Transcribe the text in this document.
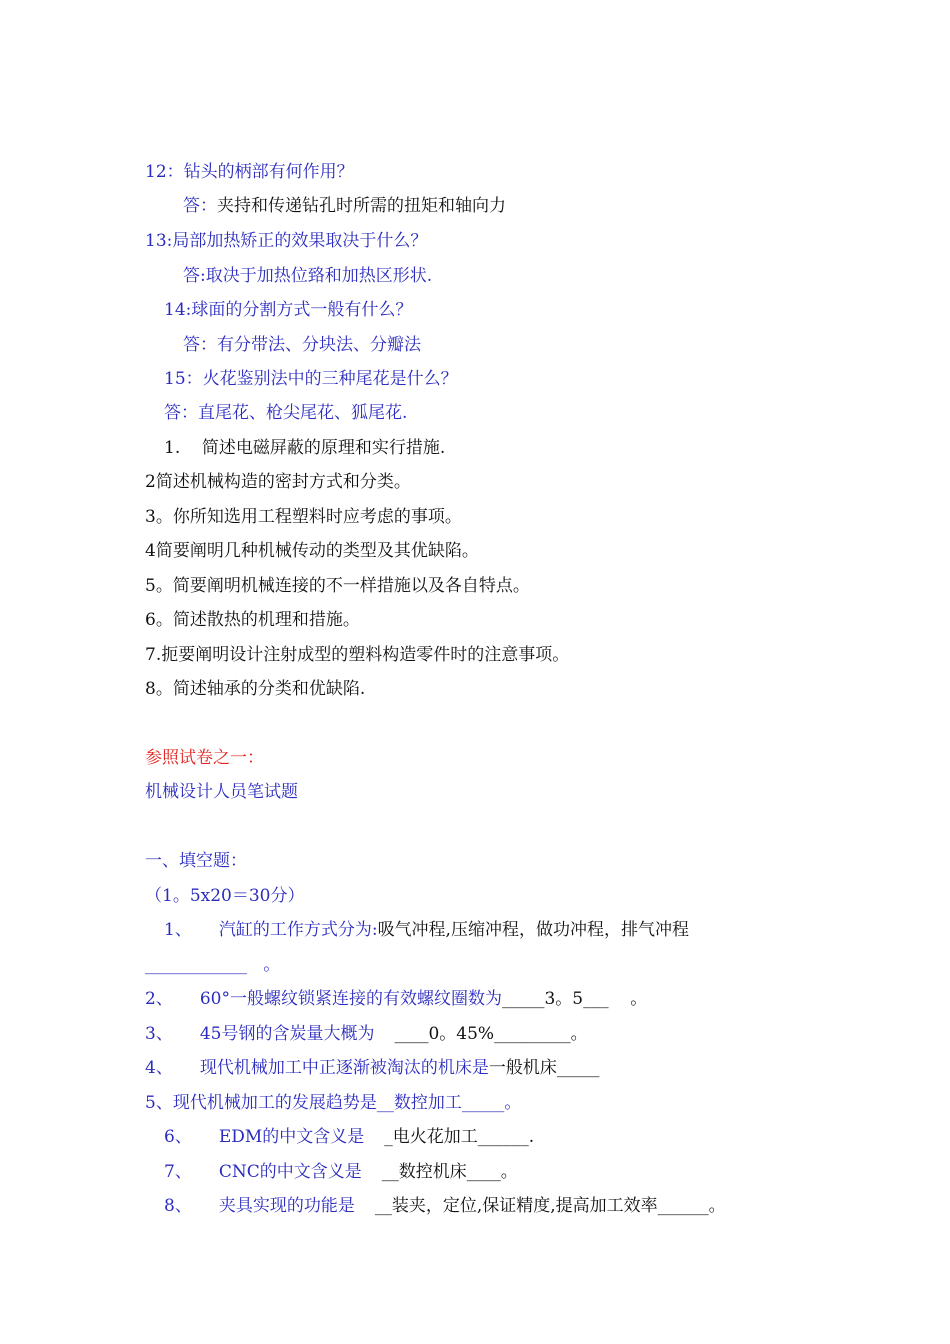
12：钻头的柄部有何作用？
答：夹持和传递钻孔时所需的扭矩和轴向力
13:局部加热矫正的效果取决于什么？
答:取决于加热位臵和加热区形状.
14:球面的分割方式一般有什么？
答：有分带法、分块法、分瓣法
15：火花鉴别法中的三种尾花是什么？
答：直尾花、枪尖尾花、狐尾花.
1.    简述电磁屏蔽的原理和实行措施.
2简述机械构造的密封方式和分类。
3。你所知选用工程塑料时应考虑的事项。
4简要阐明几种机械传动的类型及其优缺陷。
5。简要阐明机械连接的不一样措施以及各自特点。
6。简述散热的机理和措施。
7.扼要阐明设计注射成型的塑料构造零件时的注意事项。
8。简述轴承的分类和优缺陷.
参照试卷之一：
机械设计人员笔试题
一、填空题：
（1。5x20＝30分）
1、 汽缸的工作方式分为:吸气冲程,压缩冲程，做功冲程，排气冲程
____________   。
2、 60°一般螺纹锁紧连接的有效螺纹圈数为_____3。5___    。
3、 45号钢的含炭量大概为 ____0。45%_________。
4、 现代机械加工中正逐渐被淘汰的机床是一般机床_____
5、现代机械加工的发展趋势是__数控加工_____。
6、 EDM的中文含义是 _电火花加工______.
7、 CNC的中文含义是 __数控机床____。
8、 夹具实现的功能是 __装夹，定位,保证精度,提高加工效率______。
